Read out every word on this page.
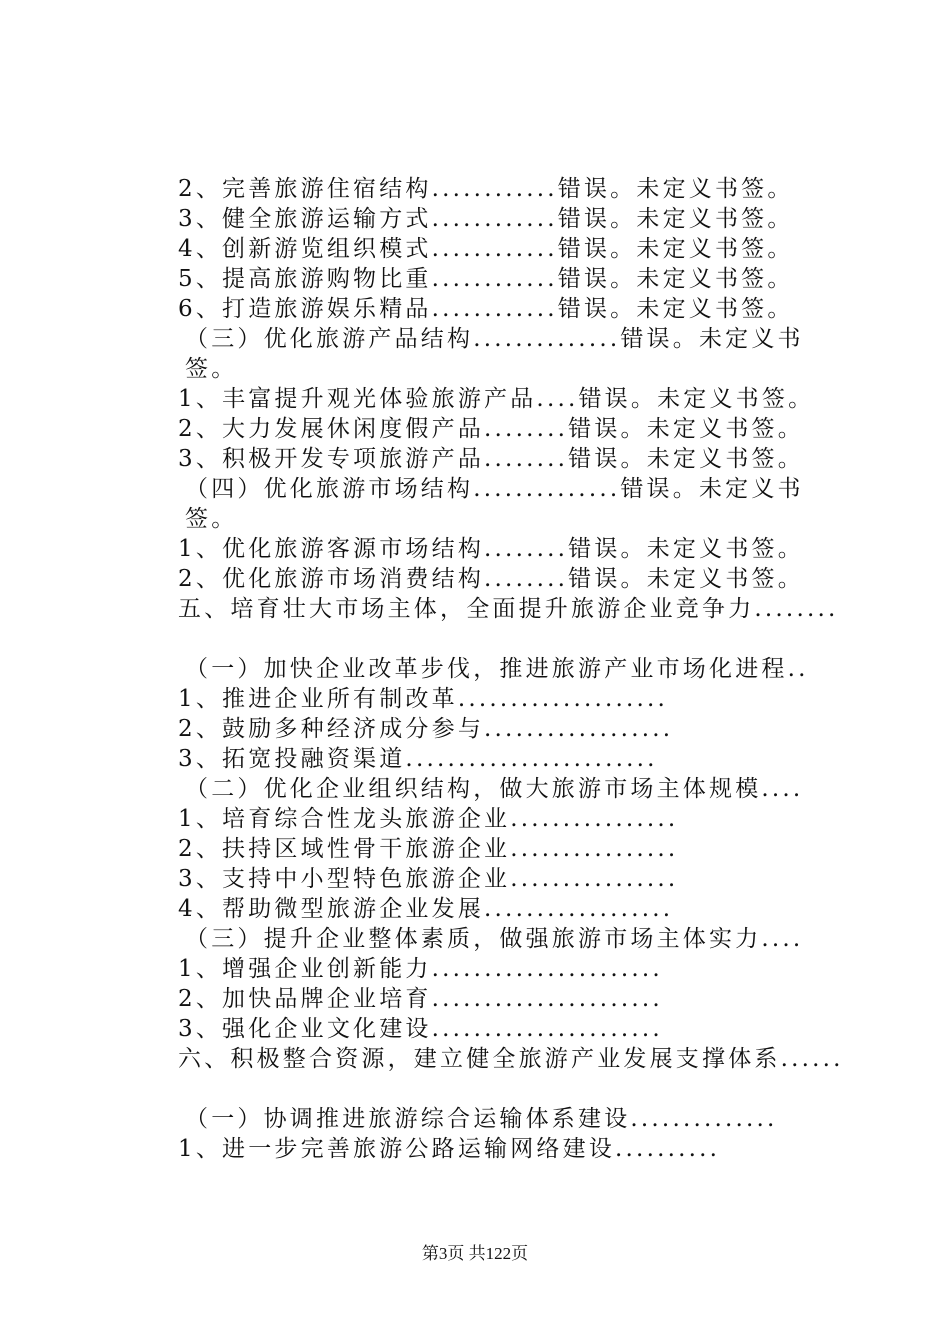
2、完善旅游住宿结构............错误。未定义书签。
3、健全旅游运输方式............错误。未定义书签。
4、创新游览组织模式............错误。未定义书签。
5、提高旅游购物比重............错误。未定义书签。
6、打造旅游娱乐精品............错误。未定义书签。
（三）优化旅游产品结构..............错误。未定义书签。
1、丰富提升观光体验旅游产品....错误。未定义书签。
2、大力发展休闲度假产品........错误。未定义书签。
3、积极开发专项旅游产品........错误。未定义书签。
（四）优化旅游市场结构..............错误。未定义书签。
1、优化旅游客源市场结构........错误。未定义书签。
2、优化旅游市场消费结构........错误。未定义书签。
五、培育壮大市场主体，全面提升旅游企业竞争力........
（一）加快企业改革步伐，推进旅游产业市场化进程..
1、推进企业所有制改革....................
2、鼓励多种经济成分参与..................
3、拓宽投融资渠道........................
（二）优化企业组织结构，做大旅游市场主体规模....
1、培育综合性龙头旅游企业................
2、扶持区域性骨干旅游企业................
3、支持中小型特色旅游企业................
4、帮助微型旅游企业发展..................
（三）提升企业整体素质，做强旅游市场主体实力....
1、增强企业创新能力......................
2、加快品牌企业培育......................
3、强化企业文化建设......................
六、积极整合资源，建立健全旅游产业发展支撑体系......
（一）协调推进旅游综合运输体系建设..............
1、进一步完善旅游公路运输网络建设..........
第3页 共122页
